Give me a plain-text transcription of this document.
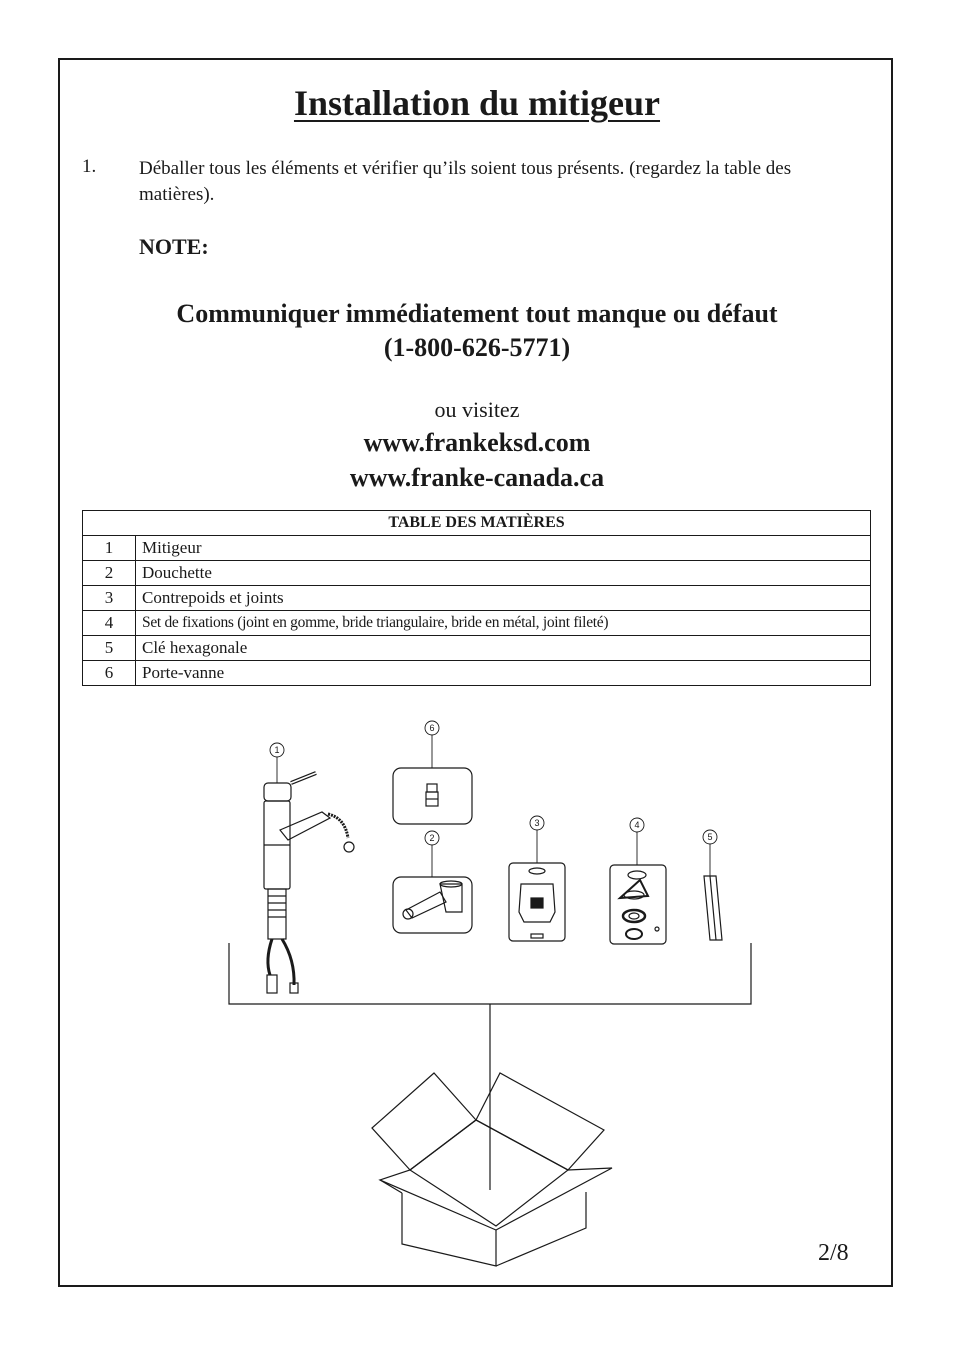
Installation du mitigeur
1. Déballer tous les éléments et vérifier qu’ils soient tous présents. (regardez la table des matières).
NOTE:
Communiquer immédiatement tout manque ou défaut
(1-800-626-5771)
ou visitez
www.frankeksd.com
www.franke-canada.ca
TABLE DES MATIÈRES	
1	Mitigeur
2	Douchette
3	Contrepoids et joints
4	Set de fixations (joint en gomme, bride triangulaire, bride en métal, joint fileté)
5	Clé hexagonale
6	Porte-vanne
1
6
2
3	4
5
2/8
